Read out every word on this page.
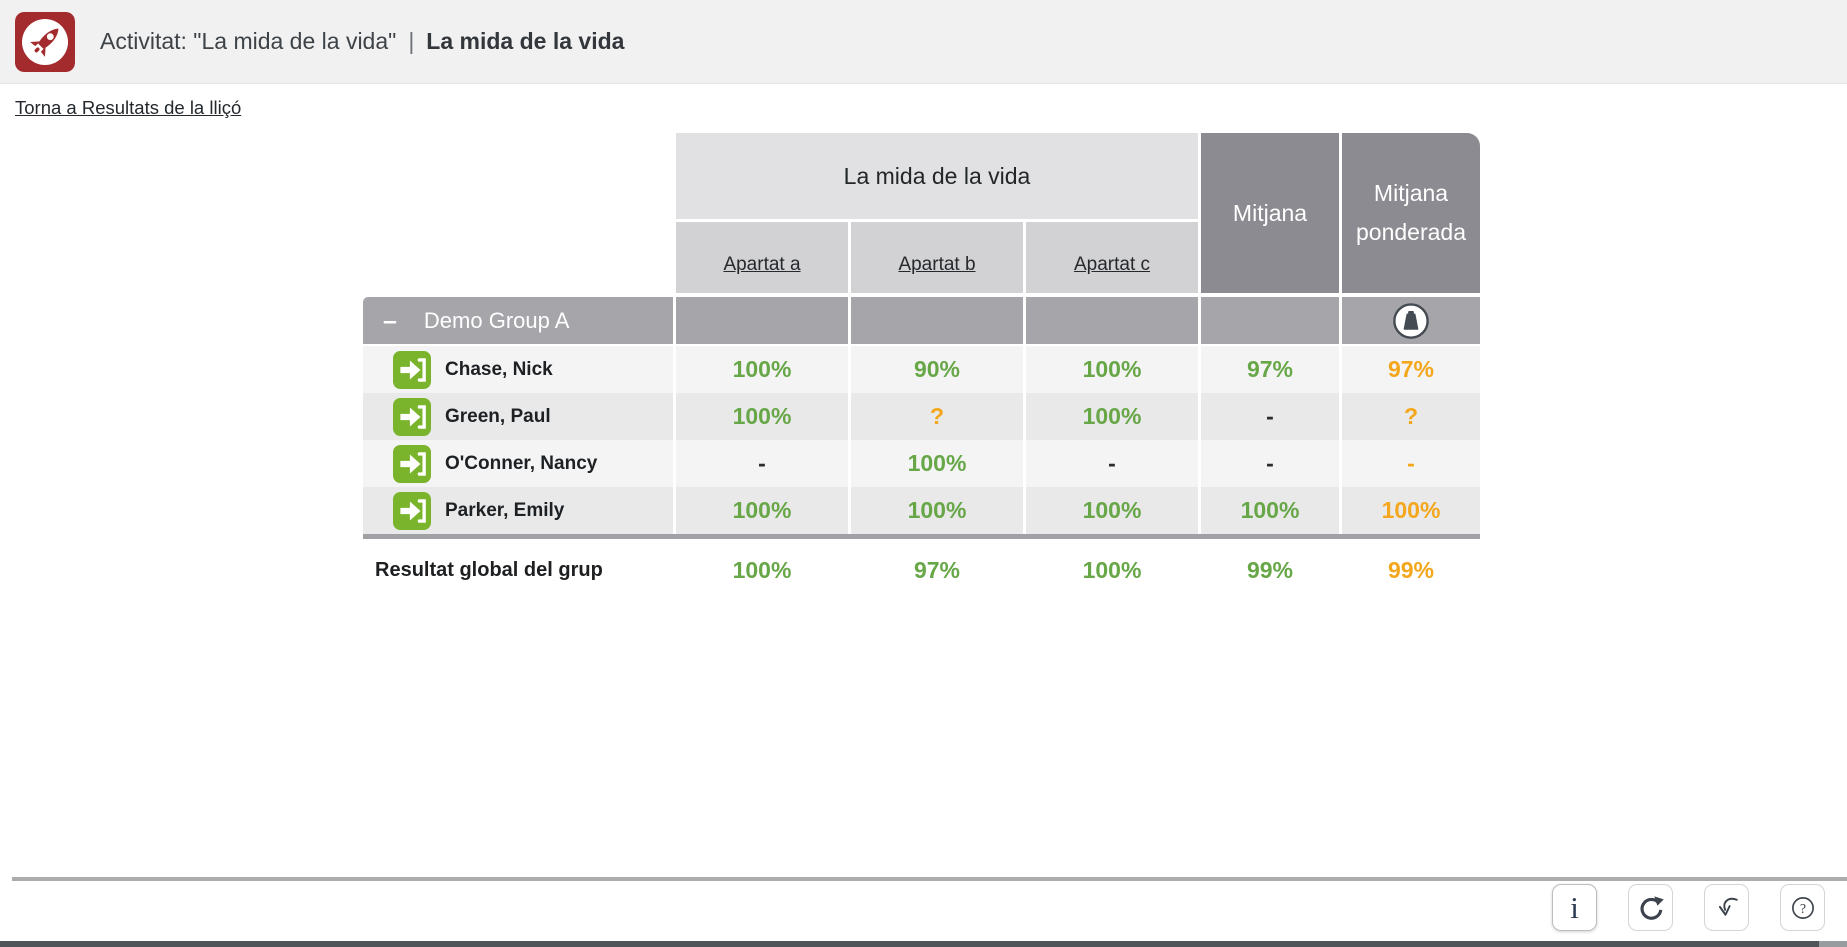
Activitat: "La mida de la vida" | La mida de la vida
Torna a Resultats de la lliçó
La mida de la vida
Mitjana
Mitjana
ponderada
Apartat a	Apartat b	Apartat c
– Demo Group A
Chase, Nick	100%	90%	100%	97%	97%
Green, Paul	100%	?	100%	-	?
O'Conner, Nancy	-	100%	-	-	-
Parker, Emily	100%	100%	100%	100%	100%
Resultat global del grup	100%	97%	100%	99%	99%
i	?
